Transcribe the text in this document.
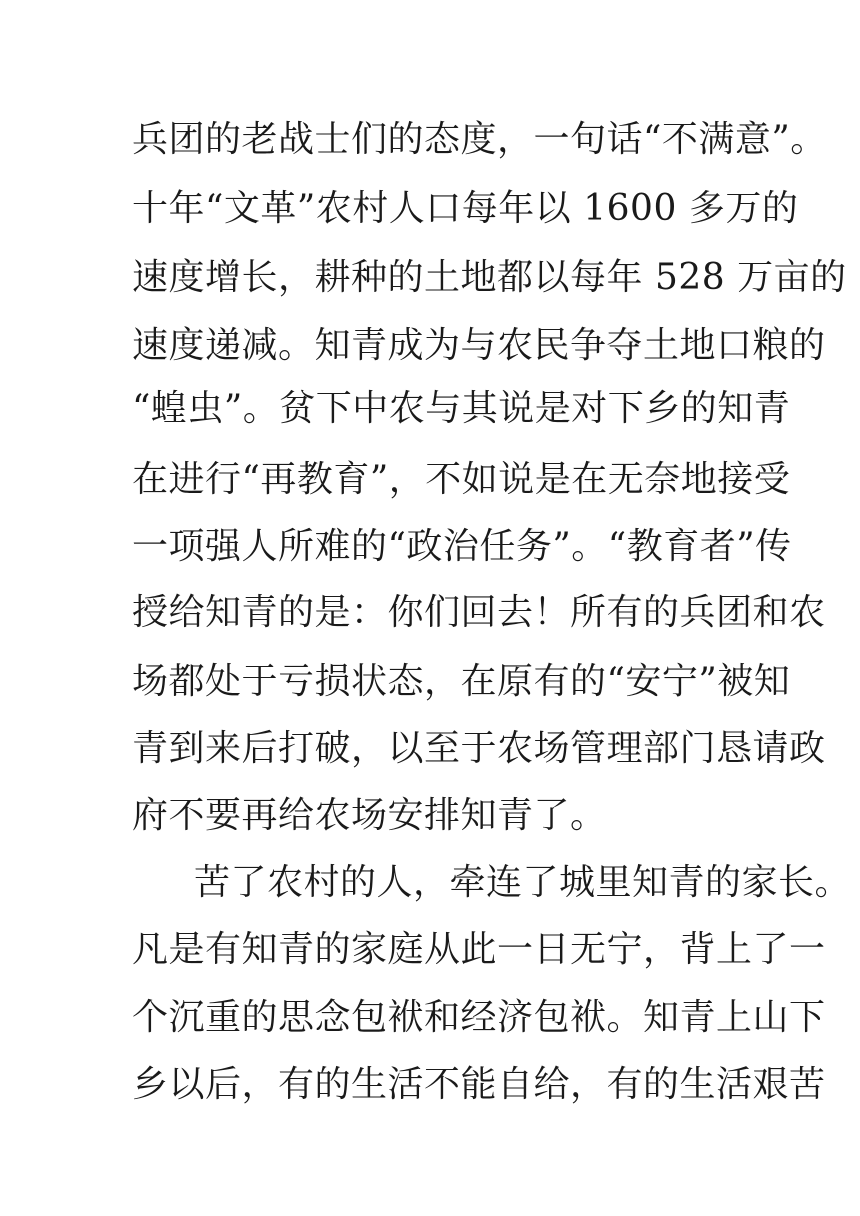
兵团的老战士们的态度，一句话“不满意”。
十年“文革”农村人口每年以 1600 多万的
速度增长，耕种的土地都以每年 528 万亩的
速度递减。知青成为与农民争夺土地口粮的
“蝗虫”。贫下中农与其说是对下乡的知青
在进行“再教育”，不如说是在无奈地接受
一项强人所难的“政治任务”。“教育者”传
授给知青的是：你们回去！所有的兵团和农
场都处于亏损状态，在原有的“安宁”被知
青到来后打破，以至于农场管理部门恳请政
府不要再给农场安排知青了。
苦了农村的人，牵连了城里知青的家长。
凡是有知青的家庭从此一日无宁，背上了一
个沉重的思念包袱和经济包袱。知青上山下
乡以后，有的生活不能自给，有的生活艰苦
